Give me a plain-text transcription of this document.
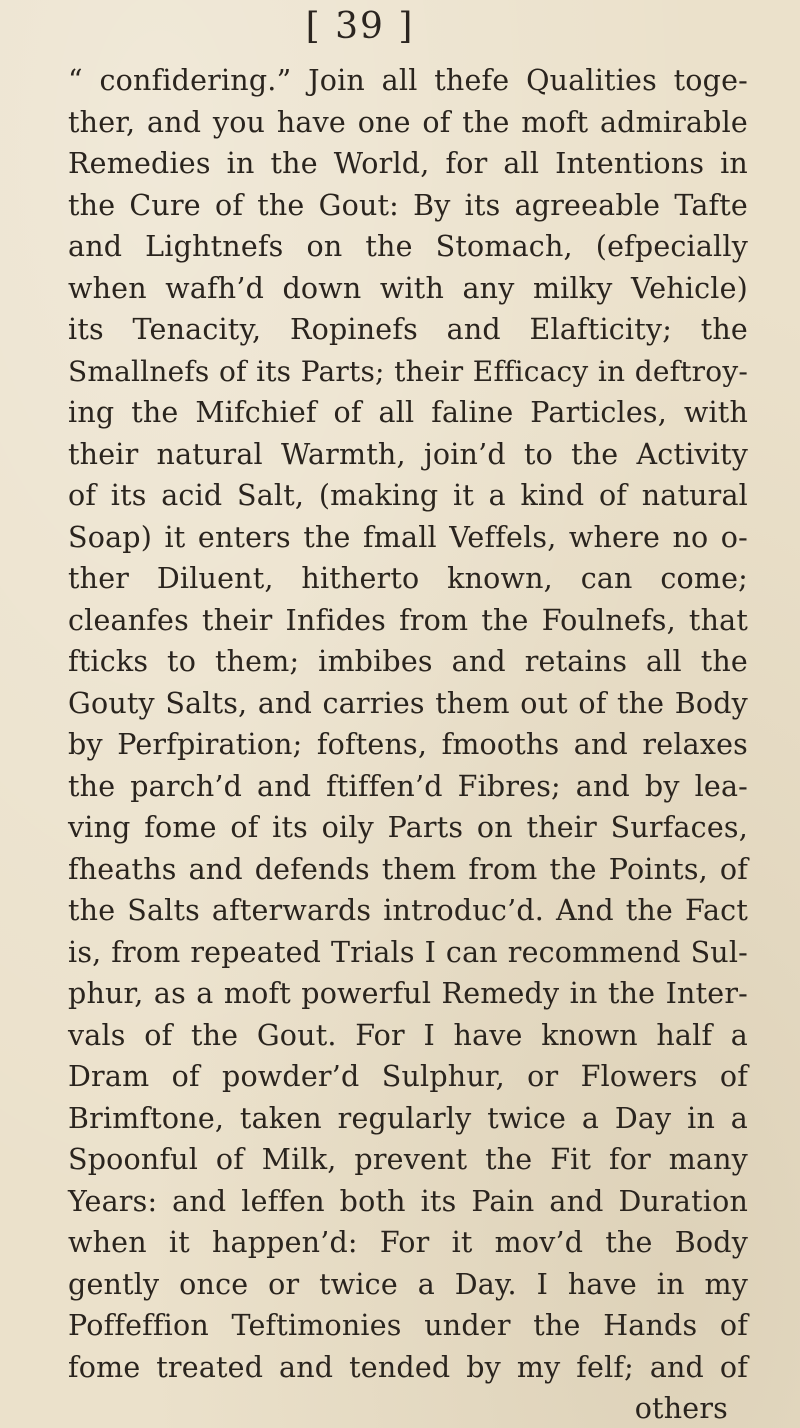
[ 39 ]
“ confidering.” Join all thefe Qualities toge-
ther, and you have one of the moft admirable
Remedies in the World, for all Intentions in
the Cure of the Gout: By its agreeable Tafte
and Lightnefs on the Stomach, (efpecially
when wafh’d down with any milky Vehicle)
its Tenacity, Ropinefs and Elafticity; the
Smallnefs of its Parts; their Efficacy in deftroy-
ing the Mifchief of all faline Particles, with
their natural Warmth, join’d to the Activity
of its acid Salt, (making it a kind of natural
Soap) it enters the fmall Veffels, where no o-
ther Diluent, hitherto known, can come;
cleanfes their Infides from the Foulnefs, that
fticks to them; imbibes and retains all the
Gouty Salts, and carries them out of the Body
by Perfpiration; foftens, fmooths and relaxes
the parch’d and ftiffen’d Fibres; and by lea-
ving fome of its oily Parts on their Surfaces,
fheaths and defends them from the Points, of
the Salts afterwards introduc’d. And the Fact
is, from repeated Trials I can recommend Sul-
phur, as a moft powerful Remedy in the Inter-
vals of the Gout. For I have known half a
Dram of powder’d Sulphur, or Flowers of
Brimftone, taken regularly twice a Day in a
Spoonful of Milk, prevent the Fit for many
Years: and leffen both its Pain and Duration
when it happen’d: For it mov’d the Body
gently once or twice a Day. I have in my
Poffeffion Teftimonies under the Hands of
fome treated and tended by my felf; and of
others
